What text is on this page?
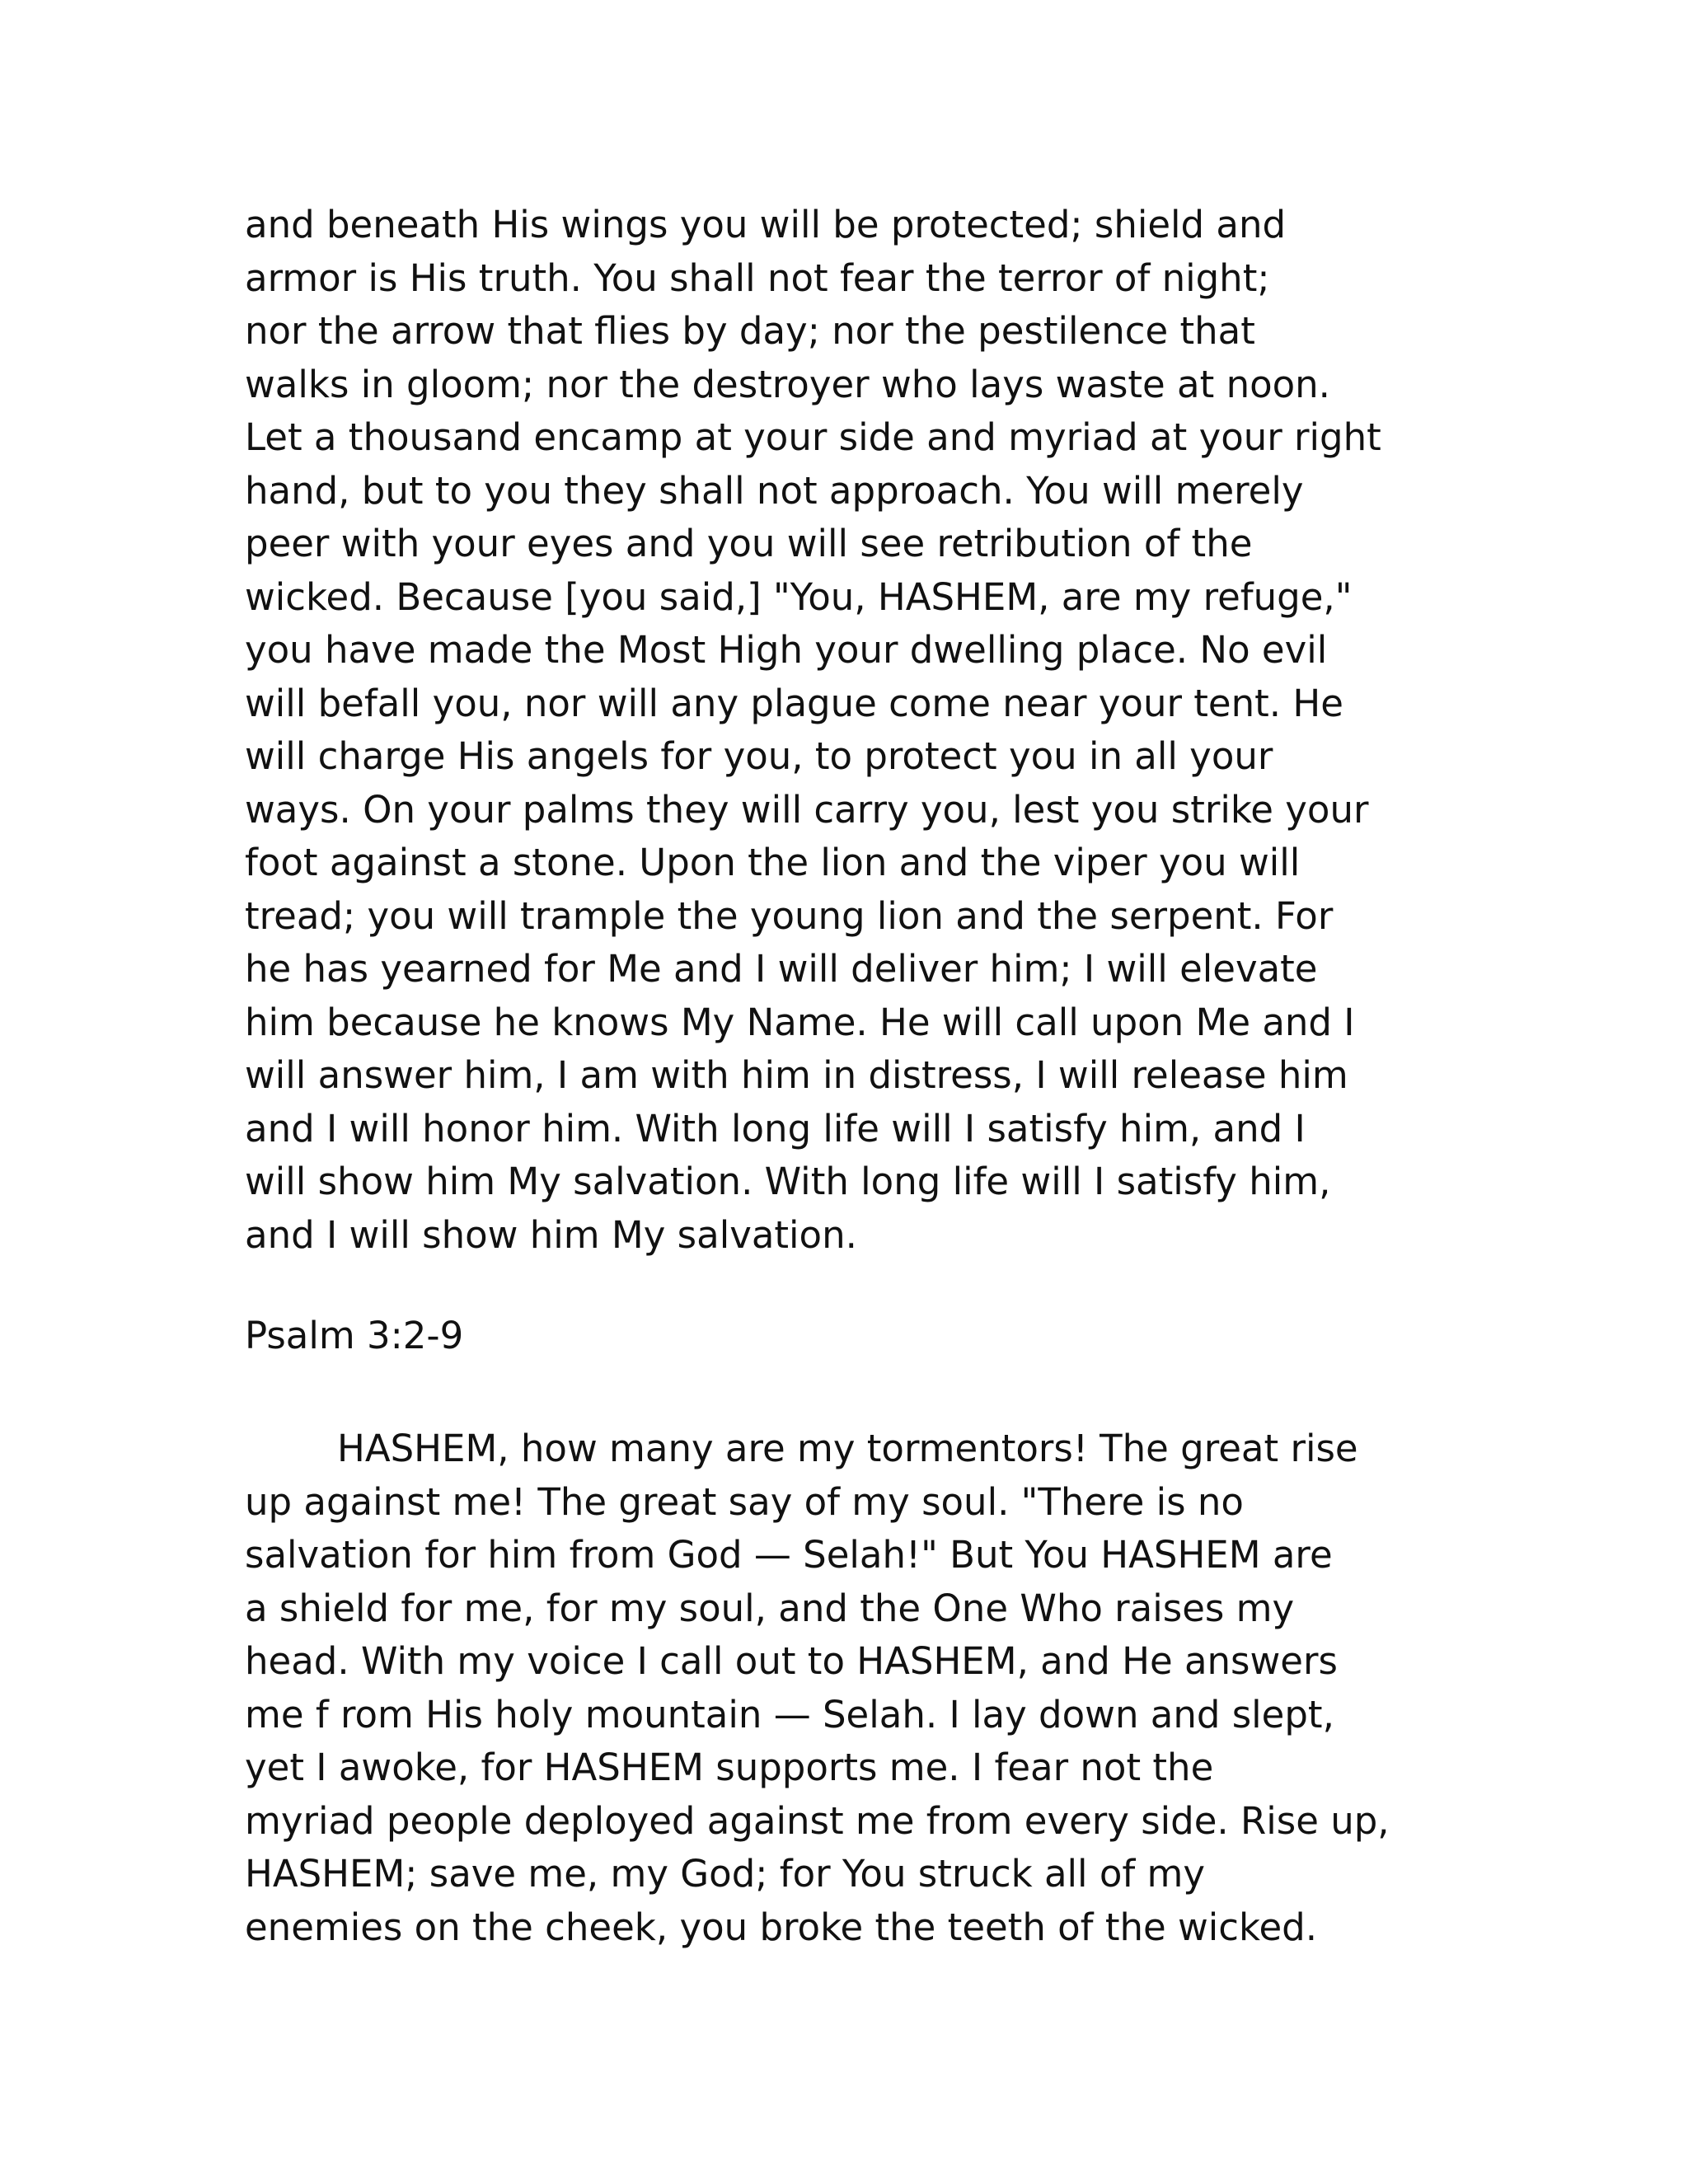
and beneath His wings you will be protected; shield and
armor is His truth. You shall not fear the terror of night;
nor the arrow that flies by day; nor the pestilence that
walks in gloom; nor the destroyer who lays waste at noon.
Let a thousand encamp at your side and myriad at your right
hand, but to you they shall not approach. You will merely
peer with your eyes and you will see retribution of the
wicked. Because [you said,] "You, HASHEM, are my refuge,"
you have made the Most High your dwelling place. No evil
will befall you, nor will any plague come near your tent. He
will charge His angels for you, to protect you in all your
ways. On your palms they will carry you, lest you strike your
foot against a stone. Upon the lion and the viper you will
tread; you will trample the young lion and the serpent. For
he has yearned for Me and I will deliver him; I will elevate
him because he knows My Name. He will call upon Me and I
will answer him, I am with him in distress, I will release him
and I will honor him. With long life will I satisfy him, and I
will show him My salvation. With long life will I satisfy him,
and I will show him My salvation.
Psalm 3:2-9
HASHEM, how many are my tormentors! The great rise
up against me! The great say of my soul. "There is no
salvation for him from God — Selah!" But You HASHEM are
a shield for me, for my soul, and the One Who raises my
head. With my voice I call out to HASHEM, and He answers
me f rom His holy mountain — Selah. I lay down and slept,
yet I awoke, for HASHEM supports me. I fear not the
myriad people deployed against me from every side. Rise up,
HASHEM; save me, my God; for You struck all of my
enemies on the cheek, you broke the teeth of the wicked.
